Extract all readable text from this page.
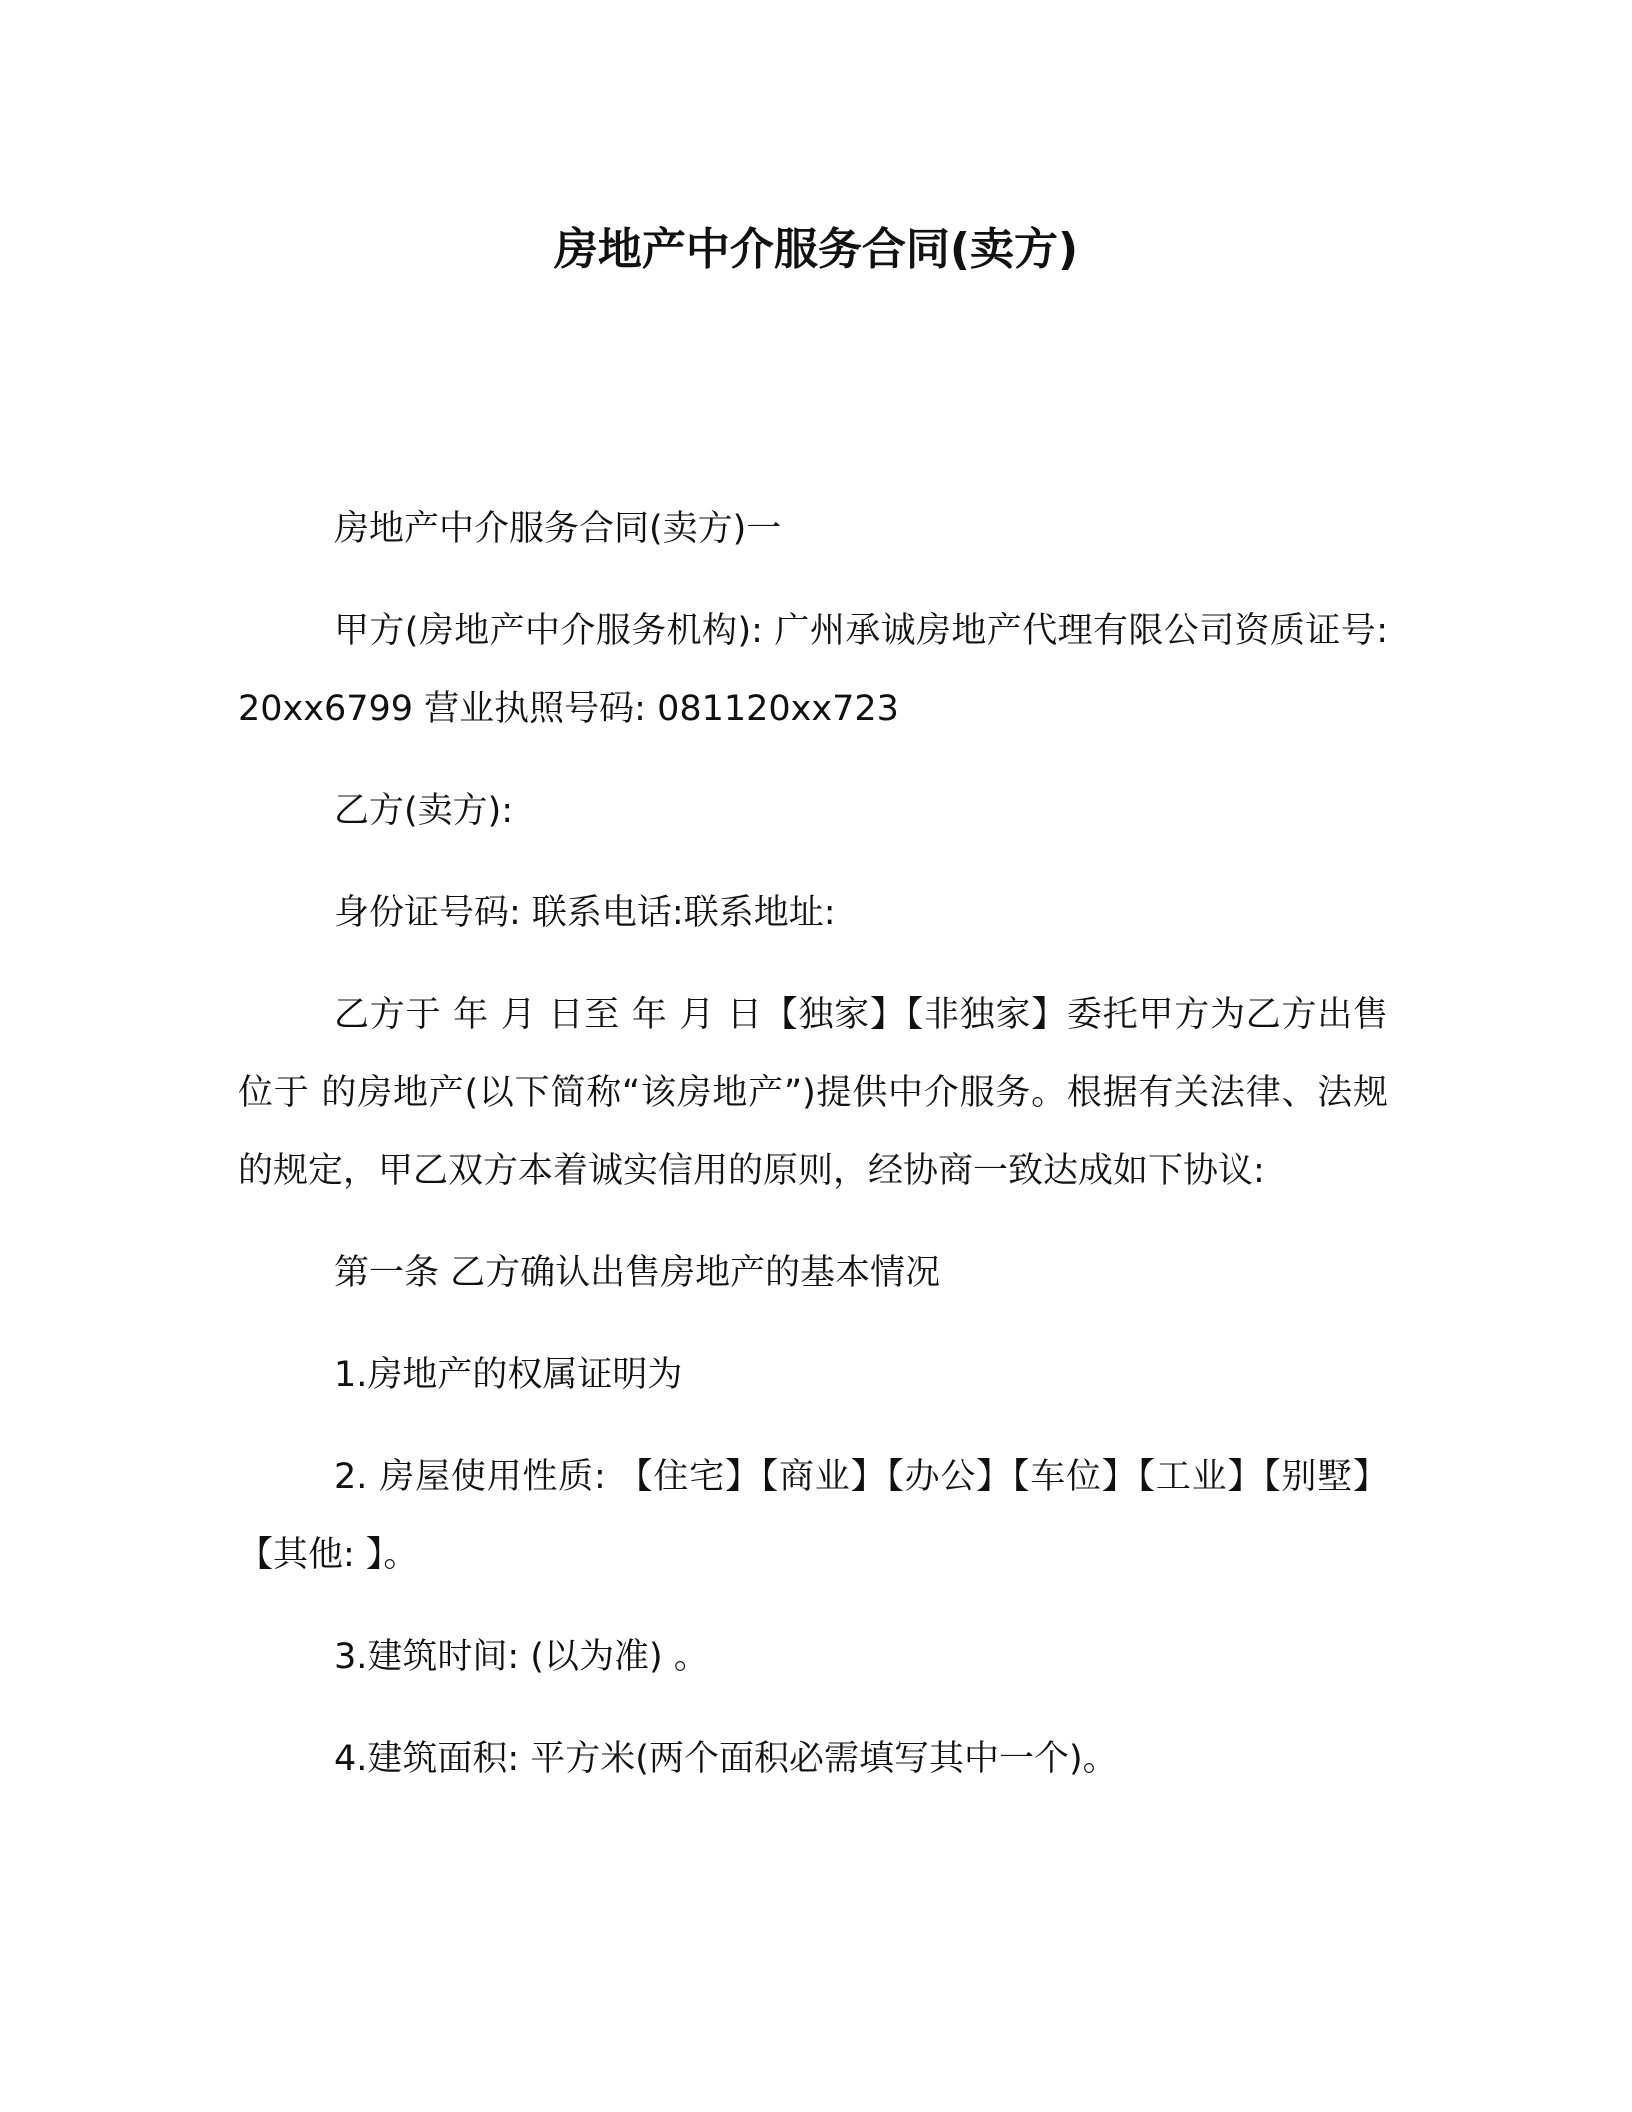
房地产中介服务合同(卖方)

房地产中介服务合同(卖方)一

甲方(房地产中介服务机构): 广州承诚房地产代理有限公司资质证号: 20xx6799 营业执照号码: 081120xx723

乙方(卖方):

身份证号码: 联系电话:联系地址:

乙方于 年 月 日至 年 月 日【独家】【非独家】委托甲方为乙方出售位于 的房地产(以下简称“该房地产”)提供中介服务。根据有关法律、法规的规定，甲乙双方本着诚实信用的原则，经协商一致达成如下协议:

第一条 乙方确认出售房地产的基本情况

1.房地产的权属证明为

2. 房屋使用性质: 【住宅】【商业】【办公】【车位】【工业】【别墅】【其他: 】。

3.建筑时间: (以为准) 。

4.建筑面积: 平方米(两个面积必需填写其中一个)。
